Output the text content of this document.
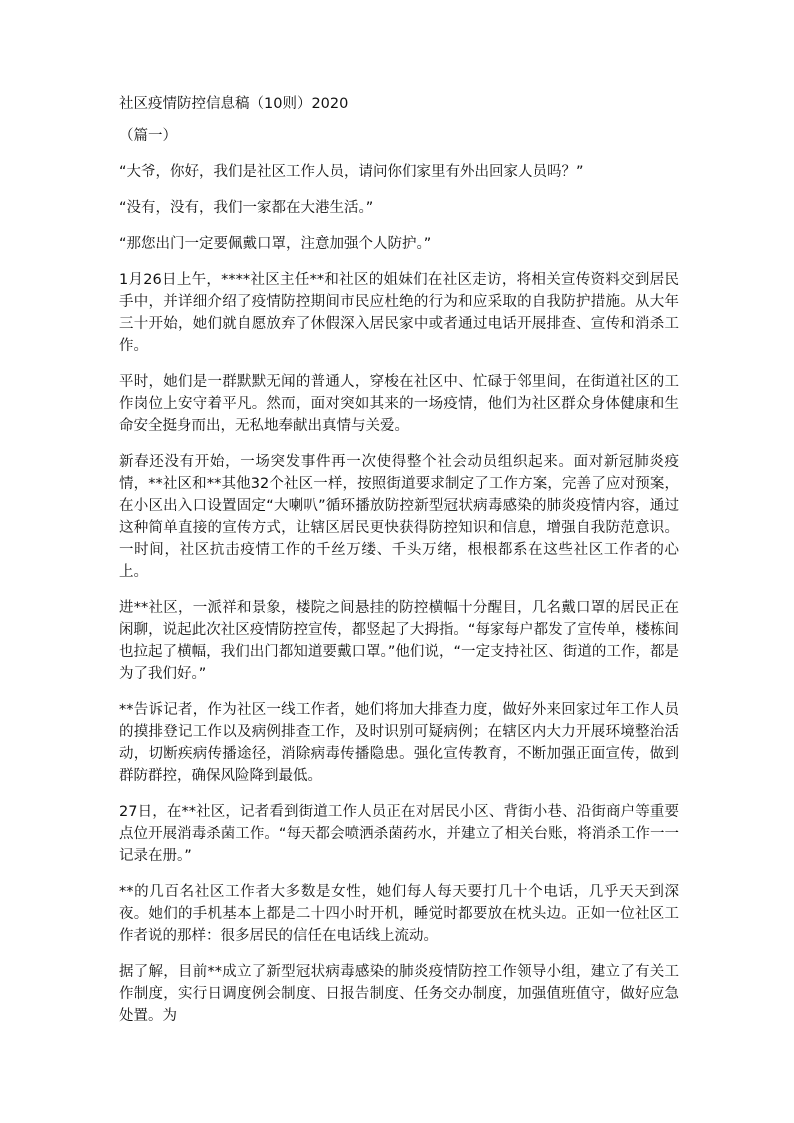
社区疫情防控信息稿（10则）2020

（篇一）

“大爷，你好，我们是社区工作人员，请问你们家里有外出回家人员吗？”

“没有，没有，我们一家都在大港生活。”

“那您出门一定要佩戴口罩，注意加强个人防护。”

1月26日上午，****社区主任**和社区的姐妹们在社区走访，将相关宣传资料交到居民手中，并详细介绍了疫情防控期间市民应杜绝的行为和应采取的自我防护措施。从大年三十开始，她们就自愿放弃了休假深入居民家中或者通过电话开展排查、宣传和消杀工作。

平时，她们是一群默默无闻的普通人，穿梭在社区中、忙碌于邻里间，在街道社区的工作岗位上安守着平凡。然而，面对突如其来的一场疫情，他们为社区群众身体健康和生命安全挺身而出，无私地奉献出真情与关爱。

新春还没有开始，一场突发事件再一次使得整个社会动员组织起来。面对新冠肺炎疫情，**社区和**其他32个社区一样，按照街道要求制定了工作方案，完善了应对预案，在小区出入口设置固定“大喇叭”循环播放防控新型冠状病毒感染的肺炎疫情内容，通过这种简单直接的宣传方式，让辖区居民更快获得防控知识和信息，增强自我防范意识。一时间，社区抗击疫情工作的千丝万缕、千头万绪，根根都系在这些社区工作者的心上。

进**社区，一派祥和景象，楼院之间悬挂的防控横幅十分醒目，几名戴口罩的居民正在闲聊，说起此次社区疫情防控宣传，都竖起了大拇指。“每家每户都发了宣传单，楼栋间也拉起了横幅，我们出门都知道要戴口罩。”他们说，“一定支持社区、街道的工作，都是为了我们好。”

**告诉记者，作为社区一线工作者，她们将加大排查力度，做好外来回家过年工作人员的摸排登记工作以及病例排查工作，及时识别可疑病例；在辖区内大力开展环境整治活动，切断疾病传播途径，消除病毒传播隐患。强化宣传教育，不断加强正面宣传，做到群防群控，确保风险降到最低。

27日，在**社区，记者看到街道工作人员正在对居民小区、背街小巷、沿街商户等重要点位开展消毒杀菌工作。“每天都会喷洒杀菌药水，并建立了相关台账，将消杀工作一一记录在册。”

**的几百名社区工作者大多数是女性，她们每人每天要打几十个电话，几乎天天到深夜。她们的手机基本上都是二十四小时开机，睡觉时都要放在枕头边。正如一位社区工作者说的那样：很多居民的信任在电话线上流动。

据了解，目前**成立了新型冠状病毒感染的肺炎疫情防控工作领导小组，建立了有关工作制度，实行日调度例会制度、日报告制度、任务交办制度，加强值班值守，做好应急处置。为
